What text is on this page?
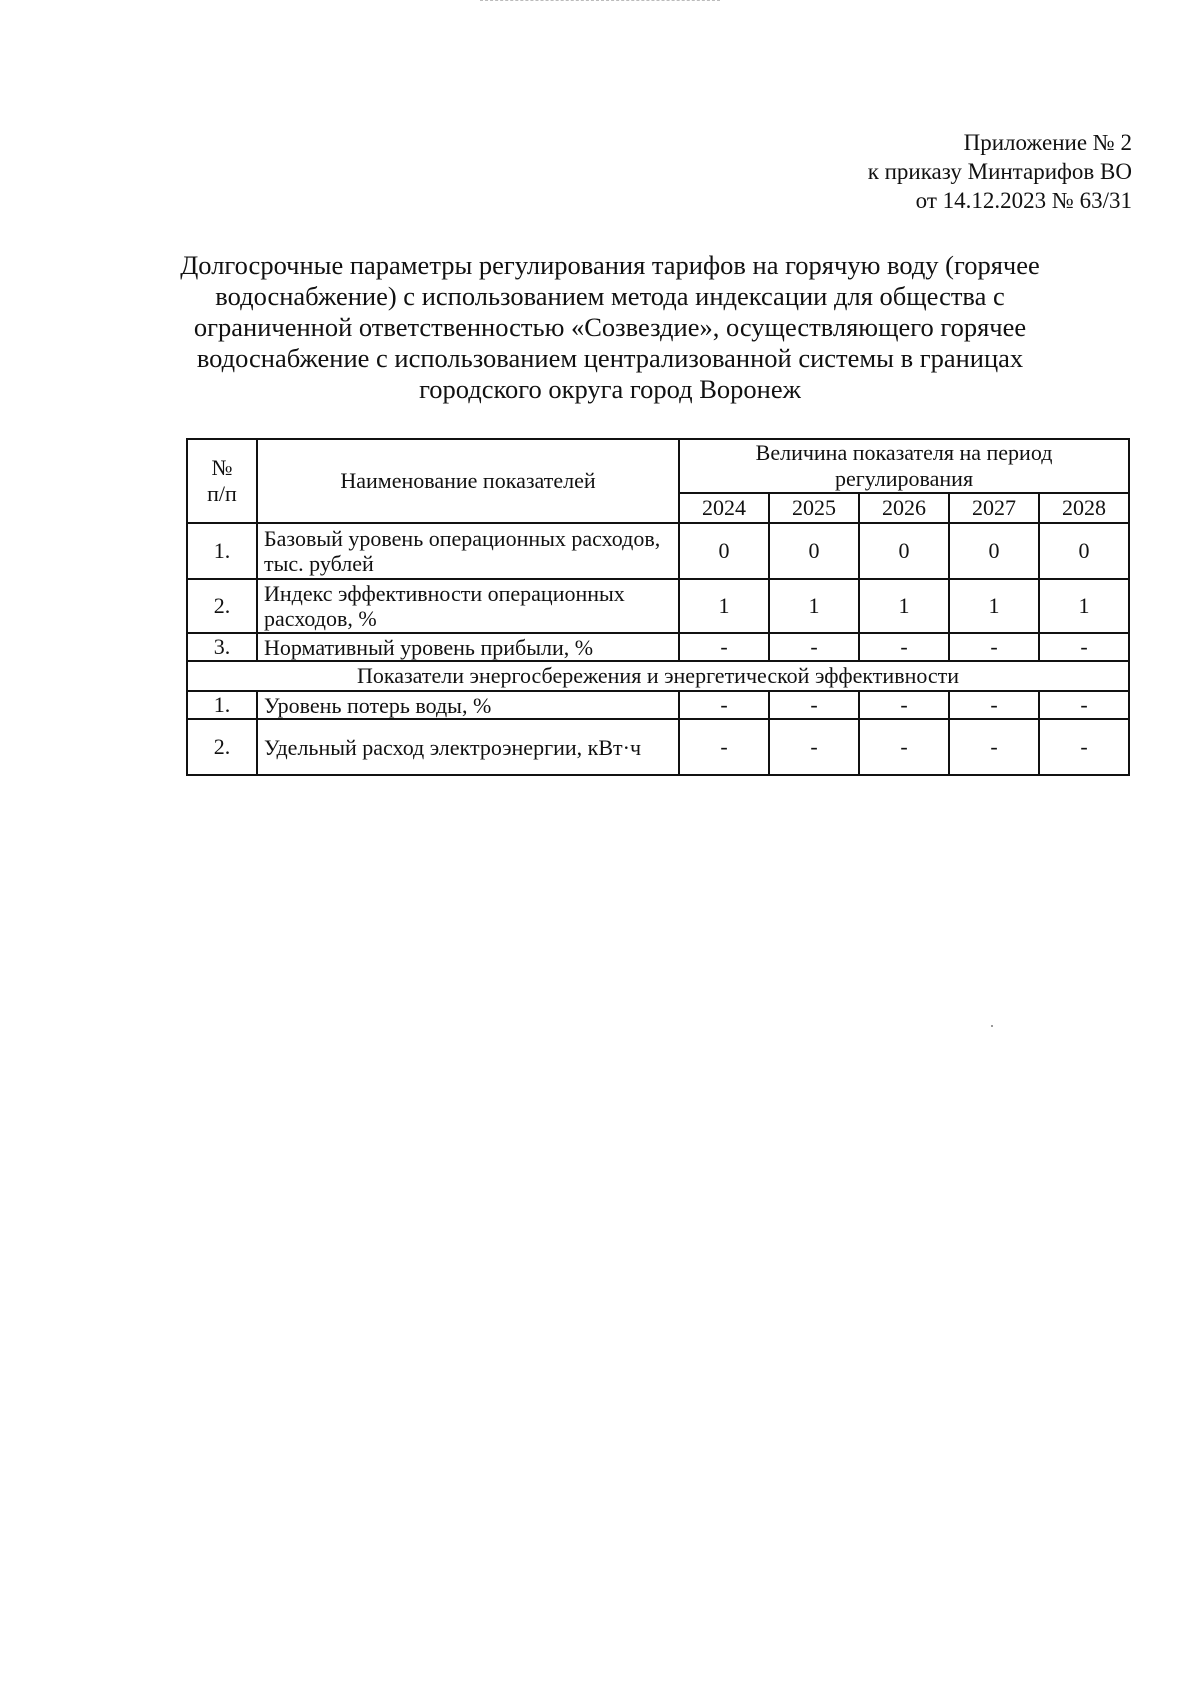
Приложение № 2
к приказу Минтарифов ВО
от 14.12.2023 № 63/31
Долгосрочные параметры регулирования тарифов на горячую воду (горячее
водоснабжение) с использованием метода индексации для общества с
ограниченной ответственностью «Созвездие», осуществляющего горячее
водоснабжение с использованием централизованной системы в границах
городского округа город Воронеж
№
п/п	Наименование показателей	Величина показателя на период регулирования				
		2024	2025	2026	2027	2028
1.	Базовый уровень операционных расходов, тыс. рублей	0	0	0	0	0
2.	Индекс эффективности операционных расходов, %	1	1	1	1	1
3.	Нормативный уровень прибыли, %	-	-	-	-	-
Показатели энергосбережения и энергетической эффективности						
1.	Уровень потерь воды, %	-	-	-	-	-
2.	Удельный расход электроэнергии, кВт·ч	-	-	-	-	-
